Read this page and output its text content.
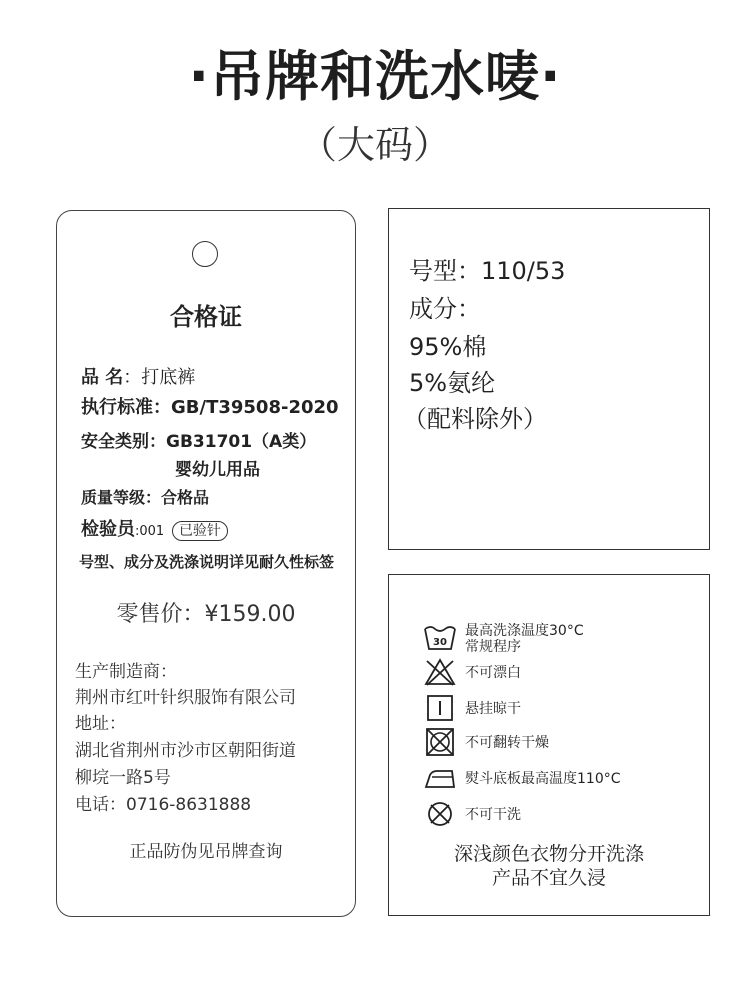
·吊牌和洗水唛·
（大码）
合格证
品 名：打底裤
执行标准：GB/T39508-2020
安全类别：GB31701（A类）
婴幼儿用品
质量等级：合格品
检验员:001 已验针
号型、成分及洗涤说明详见耐久性标签
零售价：¥159.00
生产制造商：
荆州市红叶针织服饰有限公司
地址：
湖北省荆州市沙市区朝阳街道
柳垸一路5号
电话：0716-8631888
正品防伪见吊牌查询
号型：110/53
成分：
95%棉
5%氨纶
（配料除外）
30
最高洗涤温度30°C
常规程序
不可漂白
悬挂晾干
不可翻转干燥
熨斗底板最高温度110°C
不可干洗
深浅颜色衣物分开洗涤
产品不宜久浸
